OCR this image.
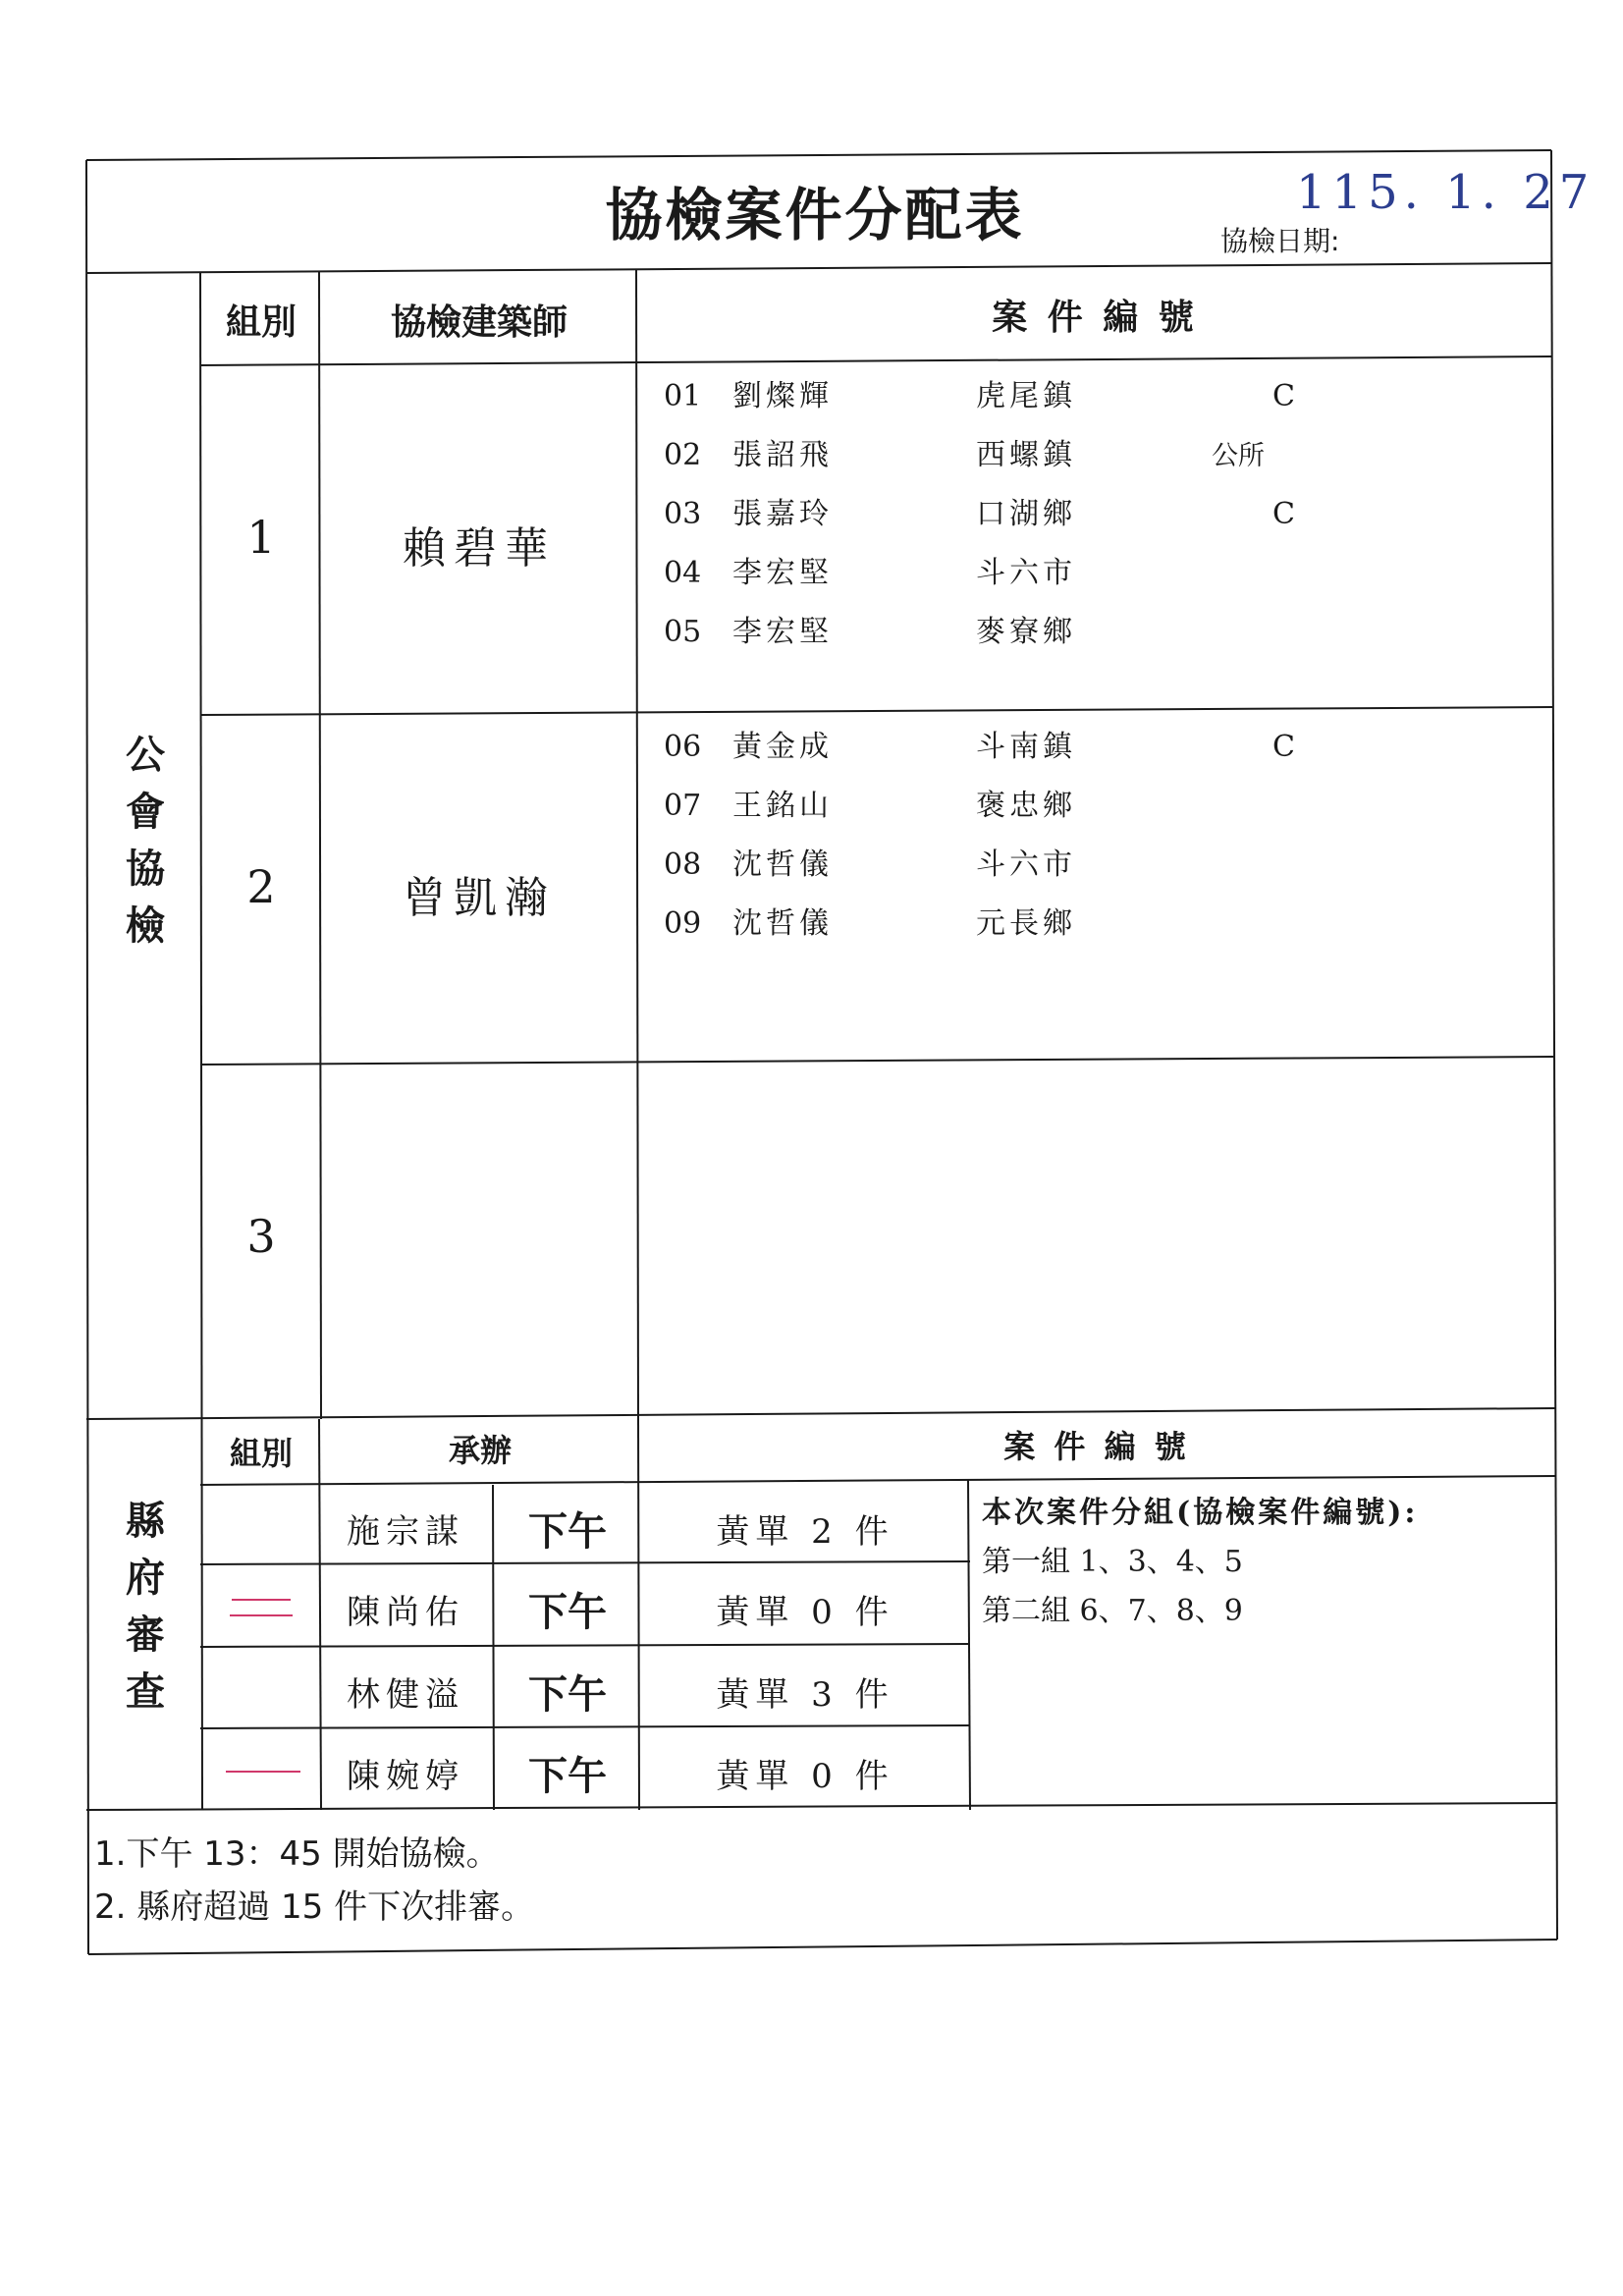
協檢案件分配表	115. 1. 27
協檢日期:
公
會
協
檢
組別	協檢建築師	案 件 編 號
1	賴碧華
01 劉燦輝	虎尾鎮	C
02 張詔飛	西螺鎮	公所
03 張嘉玲	口湖鄉	C
04 李宏堅	斗六市
05 李宏堅	麥寮鄉
2	曾凱瀚
06 黃金成	斗南鎮	C
07 王銘山	褒忠鄉
08 沈哲儀	斗六市
09 沈哲儀	元長鄉
3
縣
府
審
查
組別	承辦	案 件 編 號
施宗謀	下午	黃單 2 件
陳尚佑	下午	黃單 0 件
林健溢	下午	黃單 3 件
陳婉婷	下午	黃單 0 件
本次案件分組(協檢案件編號):
第一組 1、3、4、5
第二組 6、7、8、9
1.下午 13：45 開始協檢。
2. 縣府超過 15 件下次排審。
